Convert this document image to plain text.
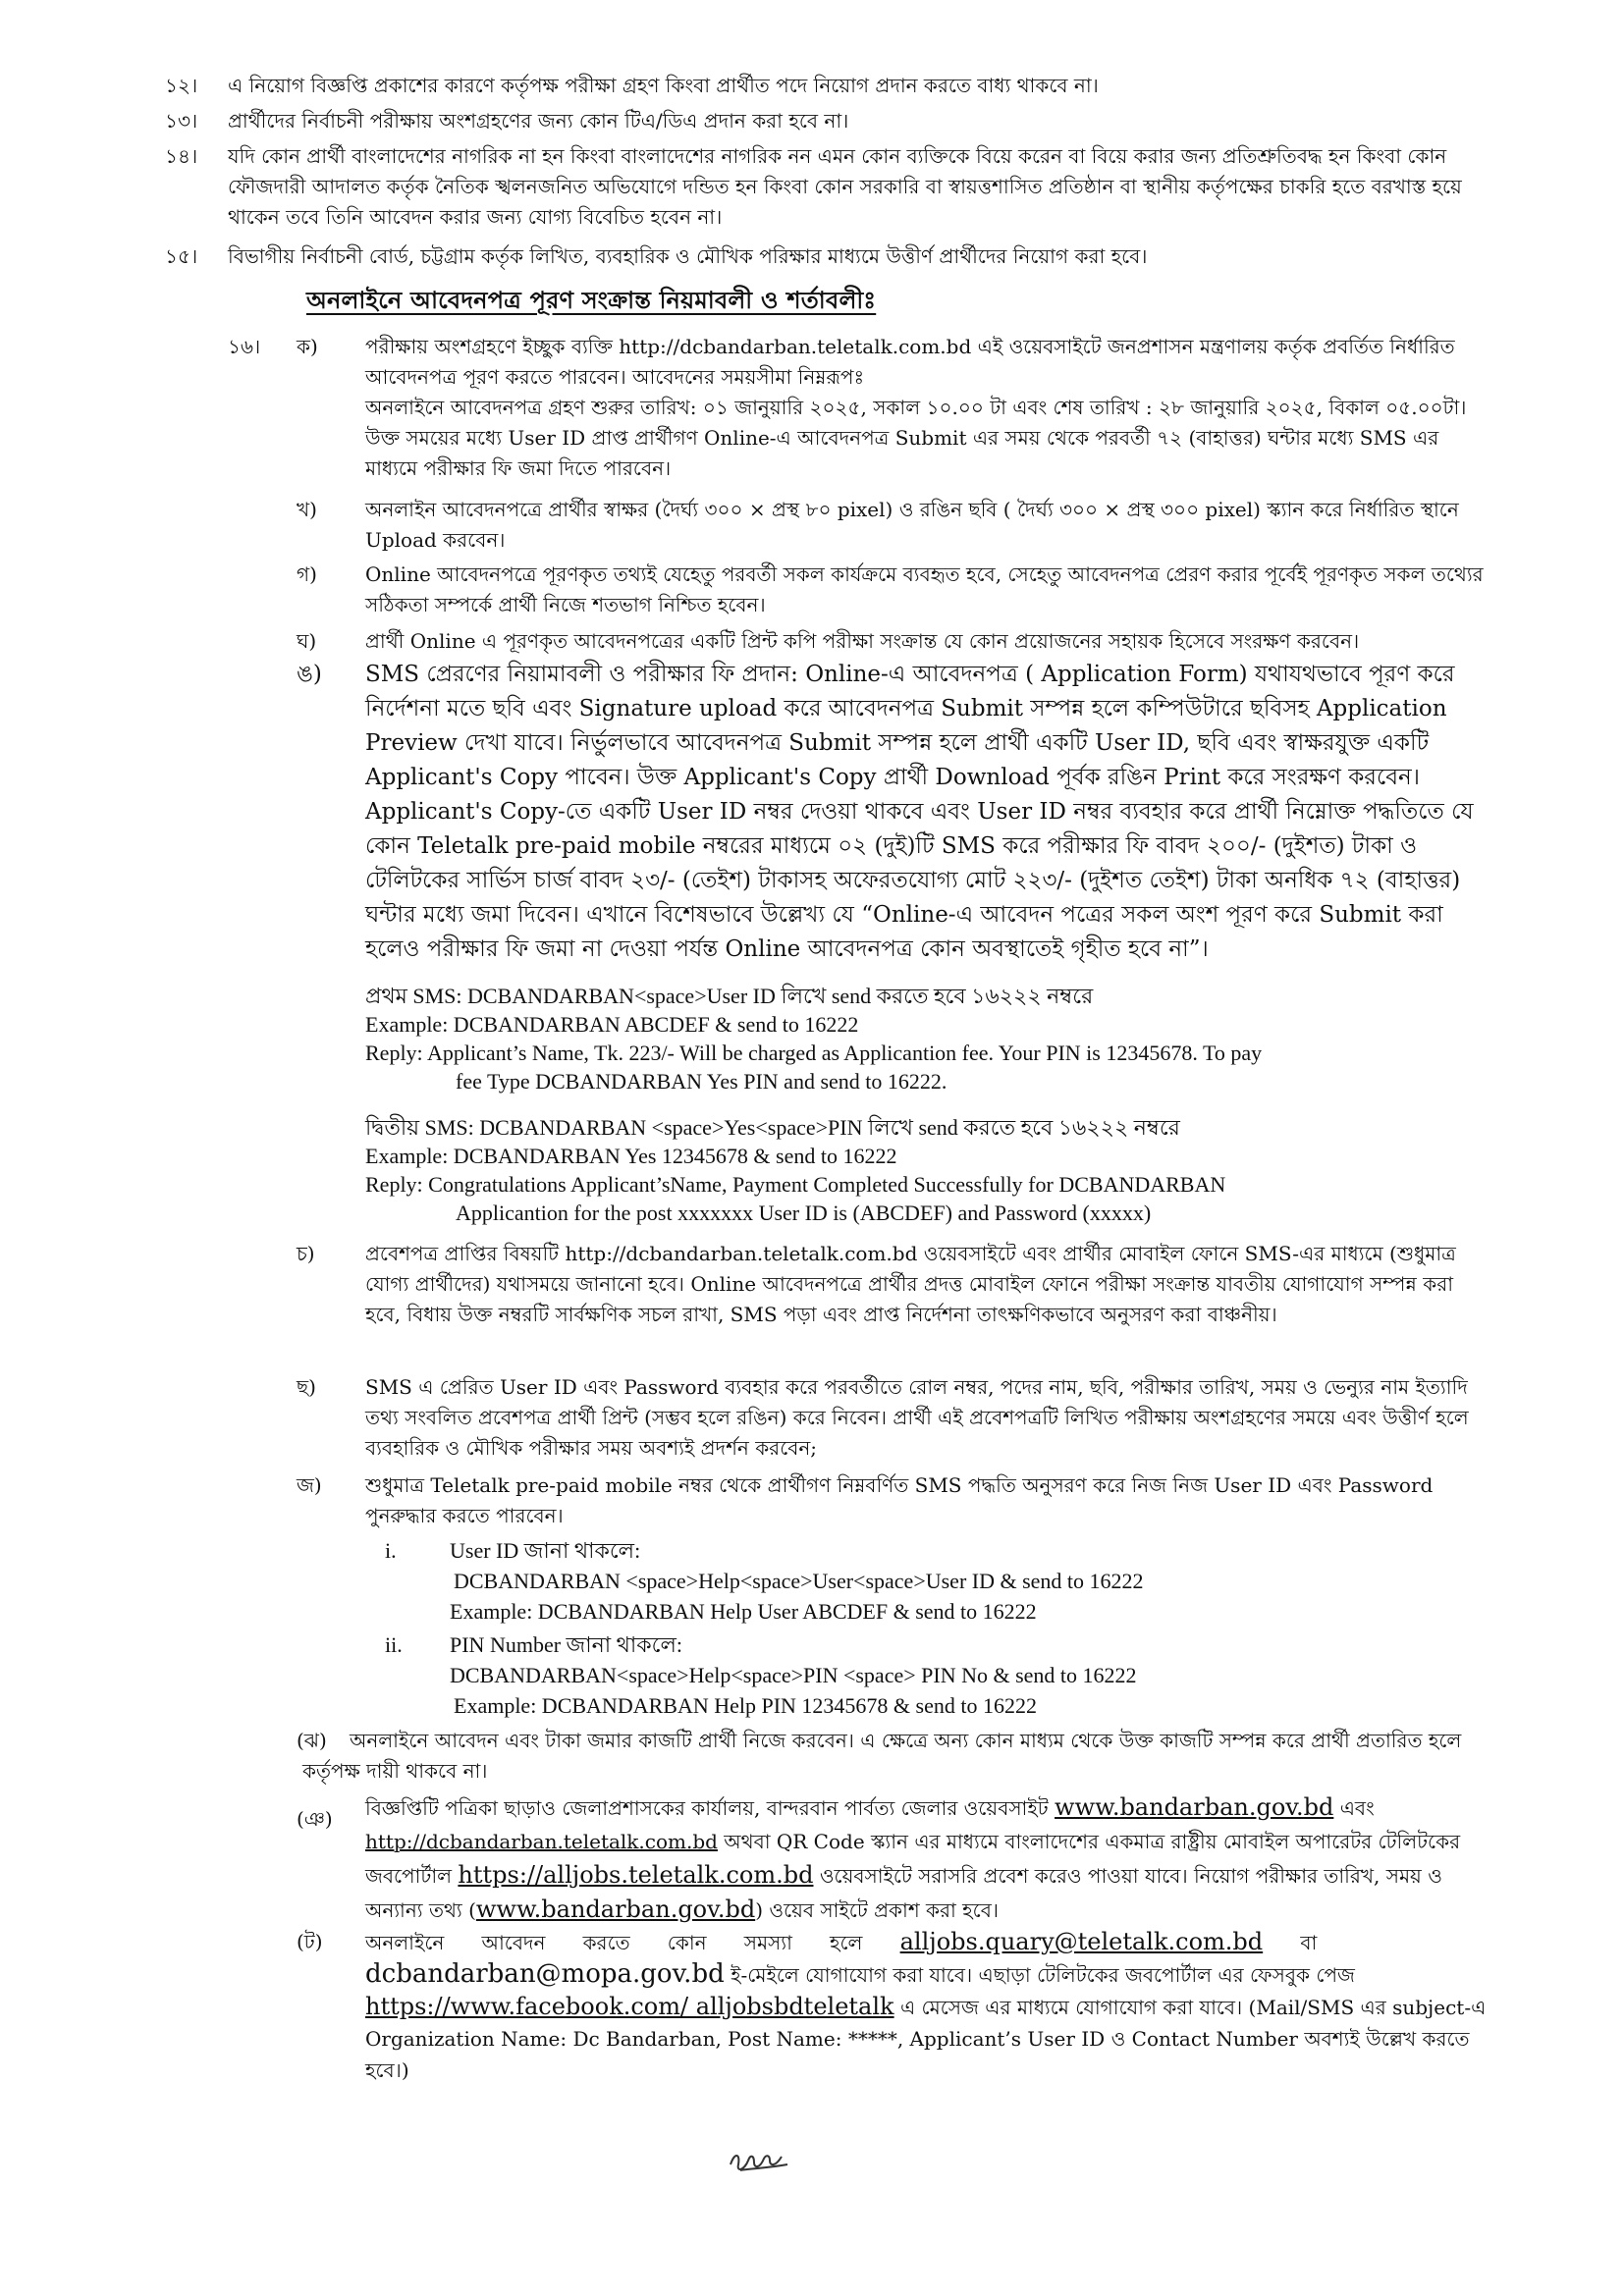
১২। এ নিয়োগ বিজ্ঞপ্তি প্রকাশের কারণে কর্তৃপক্ষ পরীক্ষা গ্রহণ কিংবা প্রার্থীত পদে নিয়োগ প্রদান করতে বাধ্য থাকবে না।

১৩। প্রার্থীদের নির্বাচনী পরীক্ষায় অংশগ্রহণের জন্য কোন টিএ/ডিএ প্রদান করা হবে না।

১৪। যদি কোন প্রার্থী বাংলাদেশের নাগরিক না হন কিংবা বাংলাদেশের নাগরিক নন এমন কোন ব্যক্তিকে বিয়ে করেন বা বিয়ে করার জন্য প্রতিশ্রুতিবদ্ধ হন কিংবা কোন ফৌজদারী আদালত কর্তৃক নৈতিক স্খলনজনিত অভিযোগে দন্ডিত হন কিংবা কোন সরকারি বা স্বায়ত্তশাসিত প্রতিষ্ঠান বা স্থানীয় কর্তৃপক্ষের চাকরি হতে বরখাস্ত হয়ে থাকেন তবে তিনি আবেদন করার জন্য যোগ্য বিবেচিত হবেন না।

১৫। বিভাগীয় নির্বাচনী বোর্ড, চট্টগ্রাম কর্তৃক লিখিত, ব্যবহারিক ও মৌখিক পরিক্ষার মাধ্যমে উত্তীর্ণ প্রার্থীদের নিয়োগ করা হবে।

অনলাইনে আবেদনপত্র পূরণ সংক্রান্ত নিয়মাবলী ও শর্তাবলীঃ
১৬। ক) পরীক্ষায় অংশগ্রহণে ইচ্ছুক ব্যক্তি http://dcbandarban.teletalk.com.bd এই ওয়েবসাইটে জনপ্রশাসন মন্ত্রণালয় কর্তৃক প্রবর্তিত নির্ধারিত আবেদনপত্র পূরণ করতে পারবেন। আবেদনের সময়সীমা নিম্নরূপঃ

অনলাইনে আবেদনপত্র গ্রহণ শুরুর তারিখ: ০১ জানুয়ারি ২০২৫, সকাল ১০.০০ টা এবং শেষ তারিখ : ২৮ জানুয়ারি ২০২৫, বিকাল ০৫.০০টা। উক্ত সময়ের মধ্যে User ID প্রাপ্ত প্রার্থীগণ Online-এ আবেদনপত্র Submit এর সময় থেকে পরবর্তী ৭২ (বাহাত্তর) ঘন্টার মধ্যে SMS এর মাধ্যমে পরীক্ষার ফি জমা দিতে পারবেন।

খ) অনলাইন আবেদনপত্রে প্রার্থীর স্বাক্ষর (দৈর্ঘ্য ৩০০ × প্রস্থ ৮০ pixel) ও রঙিন ছবি ( দৈর্ঘ্য ৩০০ × প্রস্থ ৩০০ pixel) স্ক্যান করে নির্ধারিত স্থানে Upload করবেন।

গ) Online আবেদনপত্রে পূরণকৃত তথ্যই যেহেতু পরবর্তী সকল কার্যক্রমে ব্যবহৃত হবে, সেহেতু আবেদনপত্র প্রেরণ করার পূর্বেই পূরণকৃত সকল তথ্যের সঠিকতা সম্পর্কে প্রার্থী নিজে শতভাগ নিশ্চিত হবেন।

ঘ) প্রার্থী Online এ পূরণকৃত আবেদনপত্রের একটি প্রিন্ট কপি পরীক্ষা সংক্রান্ত যে কোন প্রয়োজনের সহায়ক হিসেবে সংরক্ষণ করবেন।

ঙ) SMS প্রেরণের নিয়ামাবলী ও পরীক্ষার ফি প্রদান: Online-এ আবেদনপত্র ( Application Form) যথাযথভাবে পূরণ করে নির্দেশনা মতে ছবি এবং Signature upload করে আবেদনপত্র Submit সম্পন্ন হলে কম্পিউটারে ছবিসহ Application Preview দেখা যাবে। নির্ভুলভাবে আবেদনপত্র Submit সম্পন্ন হলে প্রার্থী একটি User ID, ছবি এবং স্বাক্ষরযুক্ত একটি Applicant's Copy পাবেন। উক্ত Applicant's Copy প্রার্থী Download পূর্বক রঙিন Print করে সংরক্ষণ করবেন। Applicant's Copy-তে একটি User ID নম্বর দেওয়া থাকবে এবং User ID নম্বর ব্যবহার করে প্রার্থী নিম্নোক্ত পদ্ধতিতে যে কোন Teletalk pre-paid mobile নম্বরের মাধ্যমে ০২ (দুই)টি SMS করে পরীক্ষার ফি বাবদ ২০০/- (দুইশত) টাকা ও টেলিটকের সার্ভিস চার্জ বাবদ ২৩/- (তেইশ) টাকাসহ অফেরতযোগ্য মোট ২২৩/- (দুইশত তেইশ) টাকা অনধিক ৭২ (বাহাত্তর) ঘন্টার মধ্যে জমা দিবেন। এখানে বিশেষভাবে উল্লেখ্য যে “Online-এ আবেদন পত্রের সকল অংশ পূরণ করে Submit করা হলেও পরীক্ষার ফি জমা না দেওয়া পর্যন্ত Online আবেদনপত্র কোন অবস্থাতেই গৃহীত হবে না”।

প্রথম SMS: DCBANDARBAN<space>User ID লিখে send করতে হবে ১৬২২২ নম্বরে
Example: DCBANDARBAN ABCDEF & send to 16222
Reply: Applicant’s Name, Tk. 223/- Will be charged as Applicantion fee. Your PIN is 12345678. To pay
fee Type DCBANDARBAN Yes PIN and send to 16222.
দ্বিতীয় SMS: DCBANDARBAN <space>Yes<space>PIN লিখে send করতে হবে ১৬২২২ নম্বরে
Example: DCBANDARBAN Yes 12345678 & send to 16222
Reply: Congratulations Applicant’sName, Payment Completed Successfully for DCBANDARBAN
Applicantion for the post xxxxxxx User ID is (ABCDEF) and Password (xxxxx)
চ)	প্রবেশপত্র প্রাপ্তির বিষয়টি http://dcbandarban.teletalk.com.bd ওয়েবসাইটে এবং প্রার্থীর মোবাইল ফোনে SMS-এর মাধ্যমে (শুধুমাত্র যোগ্য প্রার্থীদের) যথাসময়ে জানানো হবে। Online আবেদনপত্রে প্রার্থীর প্রদত্ত মোবাইল ফোনে পরীক্ষা সংক্রান্ত যাবতীয় যোগাযোগ সম্পন্ন করা হবে, বিধায় উক্ত নম্বরটি সার্বক্ষণিক সচল রাখা, SMS পড়া এবং প্রাপ্ত নির্দেশনা তাৎক্ষণিকভাবে অনুসরণ করা বাঞ্চনীয়।

ছ)	SMS এ প্রেরিত User ID এবং Password ব্যবহার করে পরবর্তীতে রোল নম্বর, পদের নাম, ছবি, পরীক্ষার তারিখ, সময় ও ভেন্যুর নাম ইত্যাদি তথ্য সংবলিত প্রবেশপত্র প্রার্থী প্রিন্ট (সম্ভব হলে রঙিন) করে নিবেন। প্রার্থী এই প্রবেশপত্রটি লিখিত পরীক্ষায় অংশগ্রহণের সময়ে এবং উত্তীর্ণ হলে ব্যবহারিক ও মৌখিক পরীক্ষার সময় অবশ্যই প্রদর্শন করবেন;

জ) শুধুমাত্র Teletalk pre-paid mobile নম্বর থেকে প্রার্থীগণ নিম্নবর্ণিত SMS পদ্ধতি অনুসরণ করে নিজ নিজ User ID এবং Password পুনরুদ্ধার করতে পারবেন।

i. User ID জানা থাকলে:
DCBANDARBAN <space>Help<space>User<space>User ID & send to 16222
Example: DCBANDARBAN Help User ABCDEF & send to 16222
ii. PIN Number জানা থাকলে:
DCBANDARBAN<space>Help<space>PIN <space> PIN No & send to 16222
Example: DCBANDARBAN Help PIN 12345678 & send to 16222
(ঝ)	অনলাইনে আবেদন এবং টাকা জমার কাজটি প্রার্থী নিজে করবেন। এ ক্ষেত্রে অন্য কোন মাধ্যম থেকে উক্ত কাজটি সম্পন্ন করে প্রার্থী প্রতারিত হলে কর্তৃপক্ষ দায়ী থাকবে না।

(ঞ) বিজ্ঞপ্তিটি পত্রিকা ছাড়াও জেলাপ্রশাসকের কার্যালয়, বান্দরবান পার্বত্য জেলার ওয়েবসাইট www.bandarban.gov.bd এবং http://dcbandarban.teletalk.com.bd অথবা QR Code স্ক্যান এর মাধ্যমে বাংলাদেশের একমাত্র রাষ্ট্রীয় মোবাইল অপারেটর টেলিটকের জবপোর্টাল https://alljobs.teletalk.com.bd ওয়েবসাইটে সরাসরি প্রবেশ করেও পাওয়া যাবে। নিয়োগ পরীক্ষার তারিখ, সময় ও অন্যান্য তথ্য (www.bandarban.gov.bd) ওয়েব সাইটে প্রকাশ করা হবে।

(ট) অনলাইনে      আবেদন      করতে      কোন      সমস্যা      হলে      alljobs.quary@teletalk.com.bd      বা
dcbandarban@mopa.gov.bd ই-মেইলে যোগাযোগ করা যাবে। এছাড়া টেলিটকের জবপোর্টাল এর ফেসবুক পেজ https://www.facebook.com/ alljobsbdteletalk এ মেসেজ এর মাধ্যমে যোগাযোগ করা যাবে। (Mail/SMS এর subject-এ Organization Name: Dc Bandarban, Post Name: *****, Applicant’s User ID ও Contact Number অবশ্যই উল্লেখ করতে হবে।)
